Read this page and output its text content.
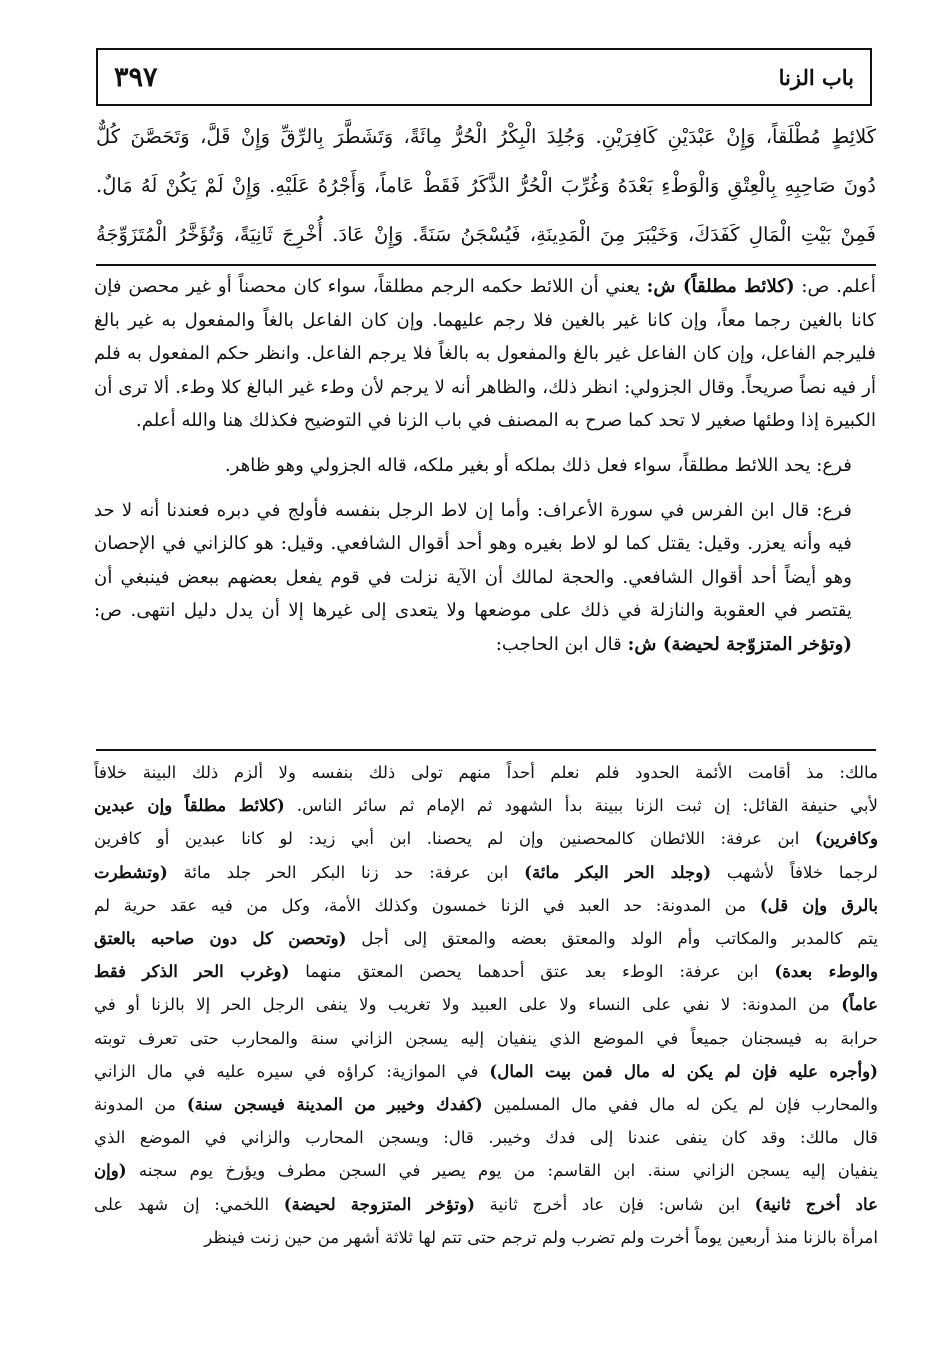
باب الزنا
٣٩٧

كَلائِطٍ مُطْلَقاً، وَإِنْ عَبْدَيْنِ كَافِرَيْنِ. وَجُلِدَ الْبِكْرُ الْحُرُّ مِائَةً، وَتَشَطَّرَ بِالرِّقِّ وَإِنْ قَلَّ، وَتَحَصَّنَ كُلٌّ

دُونَ صَاحِبِهِ بِالْعِتْقِ وَالْوَطْءِ بَعْدَهُ وَغُرِّبَ الْحُرُّ الذَّكَرُ فَقَطْ عَاماً، وَأَجْرُهُ عَلَيْهِ. وَإِنْ لَمْ يَكُنْ لَهُ مَالٌ.

فَمِنْ بَيْتِ الْمَالِ كَفَدَكَ، وَخَيْبَرَ مِنَ الْمَدِينَةِ، فَيُسْجَنُ سَنَةً. وَإِنْ عَادَ. أُخْرِجَ ثَانِيَةً، وَتُؤَخَّرُ الْمُتَزَوِّجَةُ

أعلم. ص: (كلائط مطلقاً) ش: يعني أن اللائط حكمه الرجم مطلقاً، سواء كان محصناً أو غير محصن فإن كانا بالغين رجما معاً، وإن كانا غير بالغين فلا رجم عليهما. وإن كان الفاعل بالغاً والمفعول به غير بالغ فليرجم الفاعل، وإن كان الفاعل غير بالغ والمفعول به بالغاً فلا يرجم الفاعل. وانظر حكم المفعول به فلم أر فيه نصاً صريحاً. وقال الجزولي: انظر ذلك، والظاهر أنه لا يرجم لأن وطء غير البالغ كلا وطء. ألا ترى أن الكبيرة إذا وطئها صغير لا تحد كما صرح به المصنف في باب الزنا في التوضيح فكذلك هنا والله أعلم.

فرع: يحد اللائط مطلقاً، سواء فعل ذلك بملكه أو بغير ملكه، قاله الجزولي وهو ظاهر.

فرع: قال ابن الفرس في سورة الأعراف: وأما إن لاط الرجل بنفسه فأولج في دبره فعندنا أنه لا حد فيه وأنه يعزر. وقيل: يقتل كما لو لاط بغيره وهو أحد أقوال الشافعي. وقيل: هو كالزاني في الإحصان وهو أيضاً أحد أقوال الشافعي. والحجة لمالك أن الآية نزلت في قوم يفعل بعضهم ببعض فينبغي أن يقتصر في العقوبة والنازلة في ذلك على موضعها ولا يتعدى إلى غيرها إلا أن يدل دليل انتهى. ص: (وتؤخر المتزوّجة لحيضة) ش: قال ابن الحاجب:

مالك: مذ أقامت الأئمة الحدود فلم نعلم أحداً منهم تولى ذلك بنفسه ولا ألزم ذلك البينة خلافاً
لأبي حنيفة القائل: إن ثبت الزنا ببينة بدأ الشهود ثم الإمام ثم سائر الناس. (كلائط مطلقاً وإن عبدين
وكافرين) ابن عرفة: اللائطان كالمحصنين وإن لم يحصنا. ابن أبي زيد: لو كانا عبدين أو كافرين
لرجما خلافاً لأشهب (وجلد الحر البكر مائة) ابن عرفة: حد زنا البكر الحر جلد مائة (وتشطرت
بالرق وإن قل) من المدونة: حد العبد في الزنا خمسون وكذلك الأمة، وكل من فيه عقد حرية لم
يتم كالمدبر والمكاتب وأم الولد والمعتق بعضه والمعتق إلى أجل (وتحصن كل دون صاحبه بالعتق
والوطء بعدة) ابن عرفة: الوطء بعد عتق أحدهما يحصن المعتق منهما (وغرب الحر الذكر فقط
عاماً) من المدونة: لا نفي على النساء ولا على العبيد ولا تغريب ولا ينفى الرجل الحر إلا بالزنا أو في
حرابة به فيسجنان جميعاً في الموضع الذي ينفيان إليه يسجن الزاني سنة والمحارب حتى تعرف توبته
(وأجره عليه فإن لم يكن له مال فمن بيت المال) في الموازية: كراؤه في سيره عليه في مال الزاني
والمحارب فإن لم يكن له مال ففي مال المسلمين (كفدك وخيبر من المدينة فيسجن سنة) من المدونة
قال مالك: وقد كان ينفى عندنا إلى فدك وخيبر. قال: ويسجن المحارب والزاني في الموضع الذي
ينفيان إليه يسجن الزاني سنة. ابن القاسم: من يوم يصير في السجن مطرف ويؤرخ يوم سجنه (وإن
عاد أخرج ثانية) ابن شاس: فإن عاد أخرج ثانية (وتؤخر المتزوجة لحيضة) اللخمي: إن شهد على
امرأة بالزنا منذ أربعين يوماً أخرت ولم تضرب ولم ترجم حتى تتم لها ثلاثة أشهر من حين زنت فينظر
